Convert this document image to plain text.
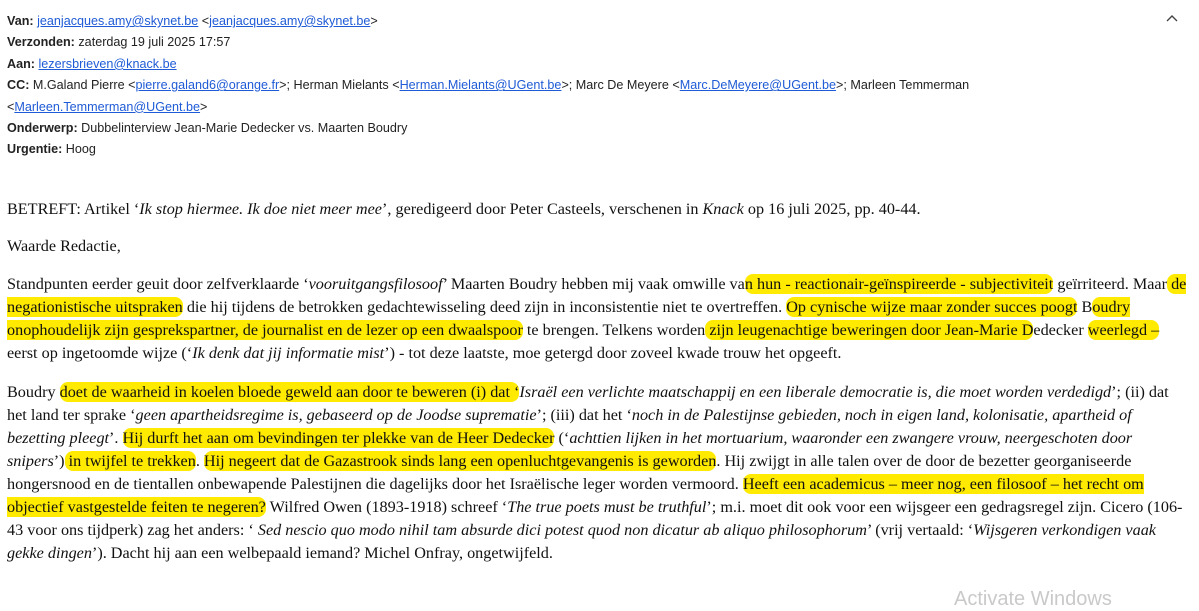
Van: jeanjacques.amy@skynet.be <jeanjacques.amy@skynet.be>
Verzonden: zaterdag 19 juli 2025 17:57
Aan: lezersbrieven@knack.be
CC: M.Galand Pierre <pierre.galand6@orange.fr>; Herman Mielants <Herman.Mielants@UGent.be>; Marc De Meyere <Marc.DeMeyere@UGent.be>; Marleen Temmerman
<Marleen.Temmerman@UGent.be>
Onderwerp: Dubbelinterview Jean-Marie Dedecker vs. Maarten Boudry
Urgentie: Hoog

BETREFT: Artikel ‘Ik stop hiermee. Ik doe niet meer mee’, geredigeerd door Peter Casteels, verschenen in Knack op 16 juli 2025, pp. 40-44.

Waarde Redactie,

Standpunten eerder geuit door zelfverklaarde ‘vooruitgangsfilosoof’ Maarten Boudry hebben mij vaak omwille van hun - reactionair-geïnspireerde - subjectiviteit geïrriteerd. Maar de negationistische uitspraken die hij tijdens de betrokken gedachtewisseling deed zijn in inconsistentie niet te overtreffen. Op cynische wijze maar zonder succes poogt Boudry onophoudelijk zijn gesprekspartner, de journalist en de lezer op een dwaalspoor te brengen. Telkens worden zijn leugenachtige beweringen door Jean-Marie Dedecker weerlegd – eerst op ingetoomde wijze (‘Ik denk dat jij informatie mist’) - tot deze laatste, moe getergd door zoveel kwade trouw het opgeeft.

Boudry doet de waarheid in koelen bloede geweld aan door te beweren (i) dat ‘Israël een verlichte maatschappij en een liberale democratie is, die moet worden verdedigd’; (ii) dat het land ter sprake ‘geen apartheidsregime is, gebaseerd op de Joodse suprematie’; (iii) dat het ‘noch in de Palestijnse gebieden, noch in eigen land, kolonisatie, apartheid of bezetting pleegt’. Hij durft het aan om bevindingen ter plekke van de Heer Dedecker (‘achttien lijken in het mortuarium, waaronder een zwangere vrouw, neergeschoten door snipers’) in twijfel te trekken. Hij negeert dat de Gazastrook sinds lang een openluchtgevangenis is geworden. Hij zwijgt in alle talen over de door de bezetter georganiseerde hongersnood en de tientallen onbewapende Palestijnen die dagelijks door het Israëlische leger worden vermoord. Heeft een academicus – meer nog, een filosoof – het recht om objectief vastgestelde feiten te negeren? Wilfred Owen (1893-1918) schreef ‘The true poets must be truthful’; m.i. moet dit ook voor een wijsgeer een gedragsregel zijn. Cicero (106-43 voor ons tijdperk) zag het anders: ‘ Sed nescio quo modo nihil tam absurde dici potest quod non dicatur ab aliquo philosophorum’ (vrij vertaald: ‘Wijsgeren verkondigen vaak gekke dingen’). Dacht hij aan een welbepaald iemand? Michel Onfray, ongetwijfeld.

Activate Windows
